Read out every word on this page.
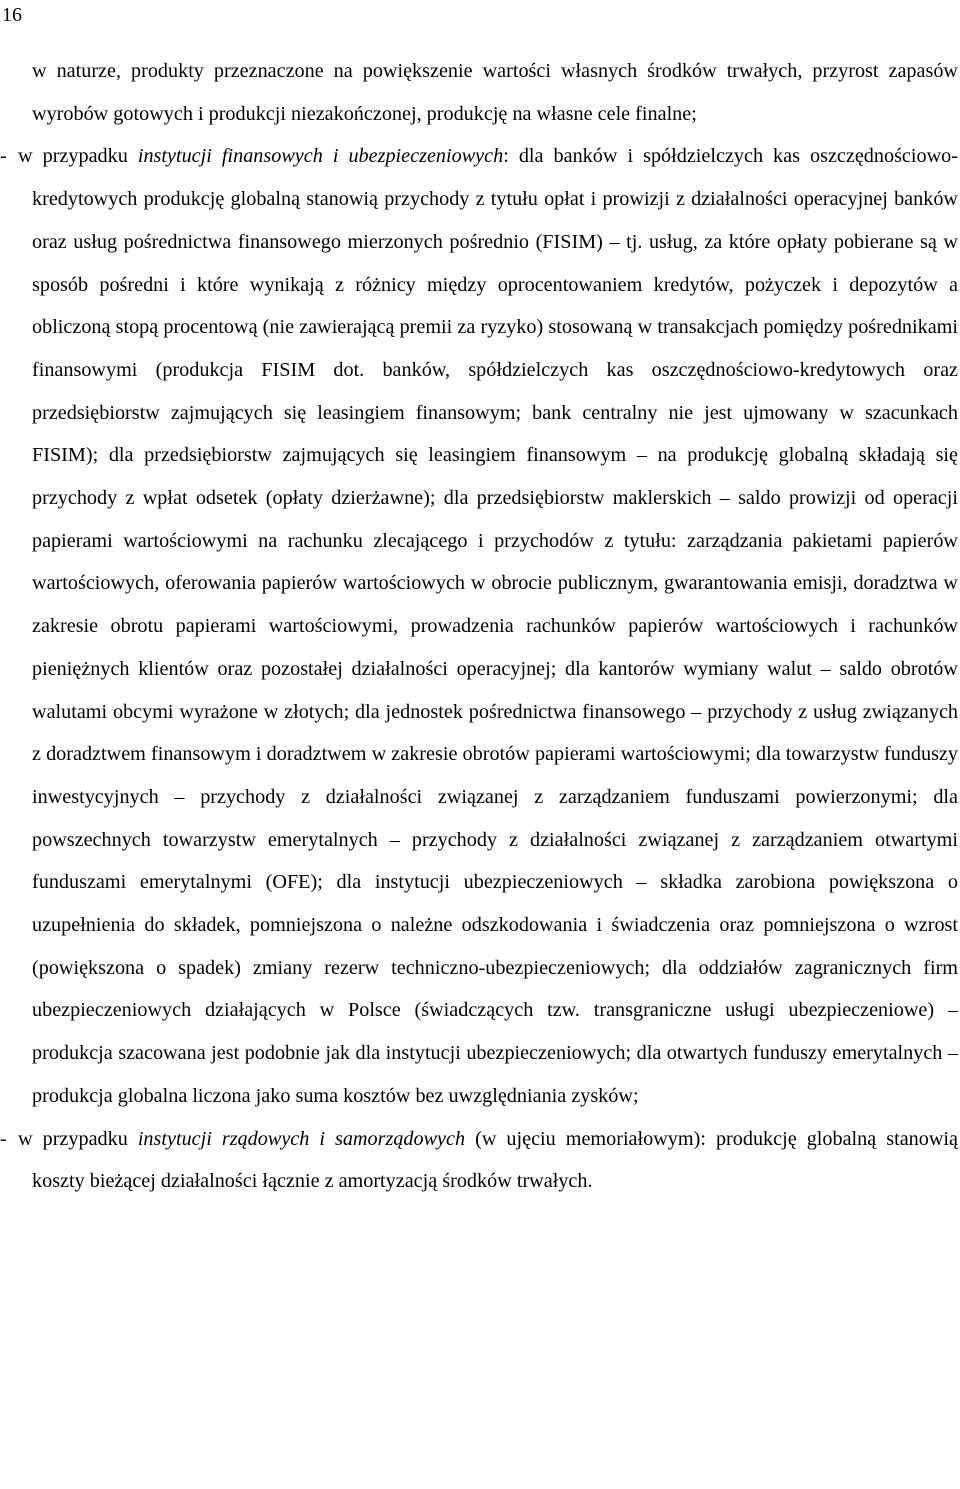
16
w naturze, produkty przeznaczone na powiększenie wartości własnych środków trwałych, przyrost zapasów wyrobów gotowych i produkcji niezakończonej, produkcję na własne cele finalne;
- w przypadku instytucji finansowych i ubezpieczeniowych: dla banków i spółdzielczych kas oszczędnościowo-kredytowych produkcję globalną stanowią przychody z tytułu opłat i prowizji z działalności operacyjnej banków oraz usług pośrednictwa finansowego mierzonych pośrednio (FISIM) – tj. usług, za które opłaty pobierane są w sposób pośredni i które wynikają z różnicy między oprocentowaniem kredytów, pożyczek i depozytów a obliczoną stopą procentową (nie zawierającą premii za ryzyko) stosowaną w transakcjach pomiędzy pośrednikami finansowymi (produkcja FISIM dot. banków, spółdzielczych kas oszczędnościowo-kredytowych oraz przedsiębiorstw zajmujących się leasingiem finansowym; bank centralny nie jest ujmowany w szacunkach FISIM); dla przedsiębiorstw zajmujących się leasingiem finansowym – na produkcję globalną składają się przychody z wpłat odsetek (opłaty dzierżawne); dla przedsiębiorstw maklerskich – saldo prowizji od operacji papierami wartościowymi na rachunku zlecającego i przychodów z tytułu: zarządzania pakietami papierów wartościowych, oferowania papierów wartościowych w obrocie publicznym, gwarantowania emisji, doradztwa w zakresie obrotu papierami wartościowymi, prowadzenia rachunków papierów wartościowych i rachunków pieniężnych klientów oraz pozostałej działalności operacyjnej; dla kantorów wymiany walut – saldo obrotów walutami obcymi wyrażone w złotych; dla jednostek pośrednictwa finansowego – przychody z usług związanych z doradztwem finansowym i doradztwem w zakresie obrotów papierami wartościowymi; dla towarzystw funduszy inwestycyjnych – przychody z działalności związanej z zarządzaniem funduszami powierzonymi; dla powszechnych towarzystw emerytalnych – przychody z działalności związanej z zarządzaniem otwartymi funduszami emerytalnymi (OFE); dla instytucji ubezpieczeniowych – składka zarobiona powiększona o uzupełnienia do składek, pomniejszona o należne odszkodowania i świadczenia oraz pomniejszona o wzrost (powiększona o spadek) zmiany rezerw techniczno-ubezpieczeniowych; dla oddziałów zagranicznych firm ubezpieczeniowych działających w Polsce (świadczących tzw. transgraniczne usługi ubezpieczeniowe) – produkcja szacowana jest podobnie jak dla instytucji ubezpieczeniowych; dla otwartych funduszy emerytalnych – produkcja globalna liczona jako suma kosztów bez uwzględniania zysków;
- w przypadku instytucji rządowych i samorządowych (w ujęciu memoriałowym): produkcję globalną stanowią koszty bieżącej działalności łącznie z amortyzacją środków trwałych.
